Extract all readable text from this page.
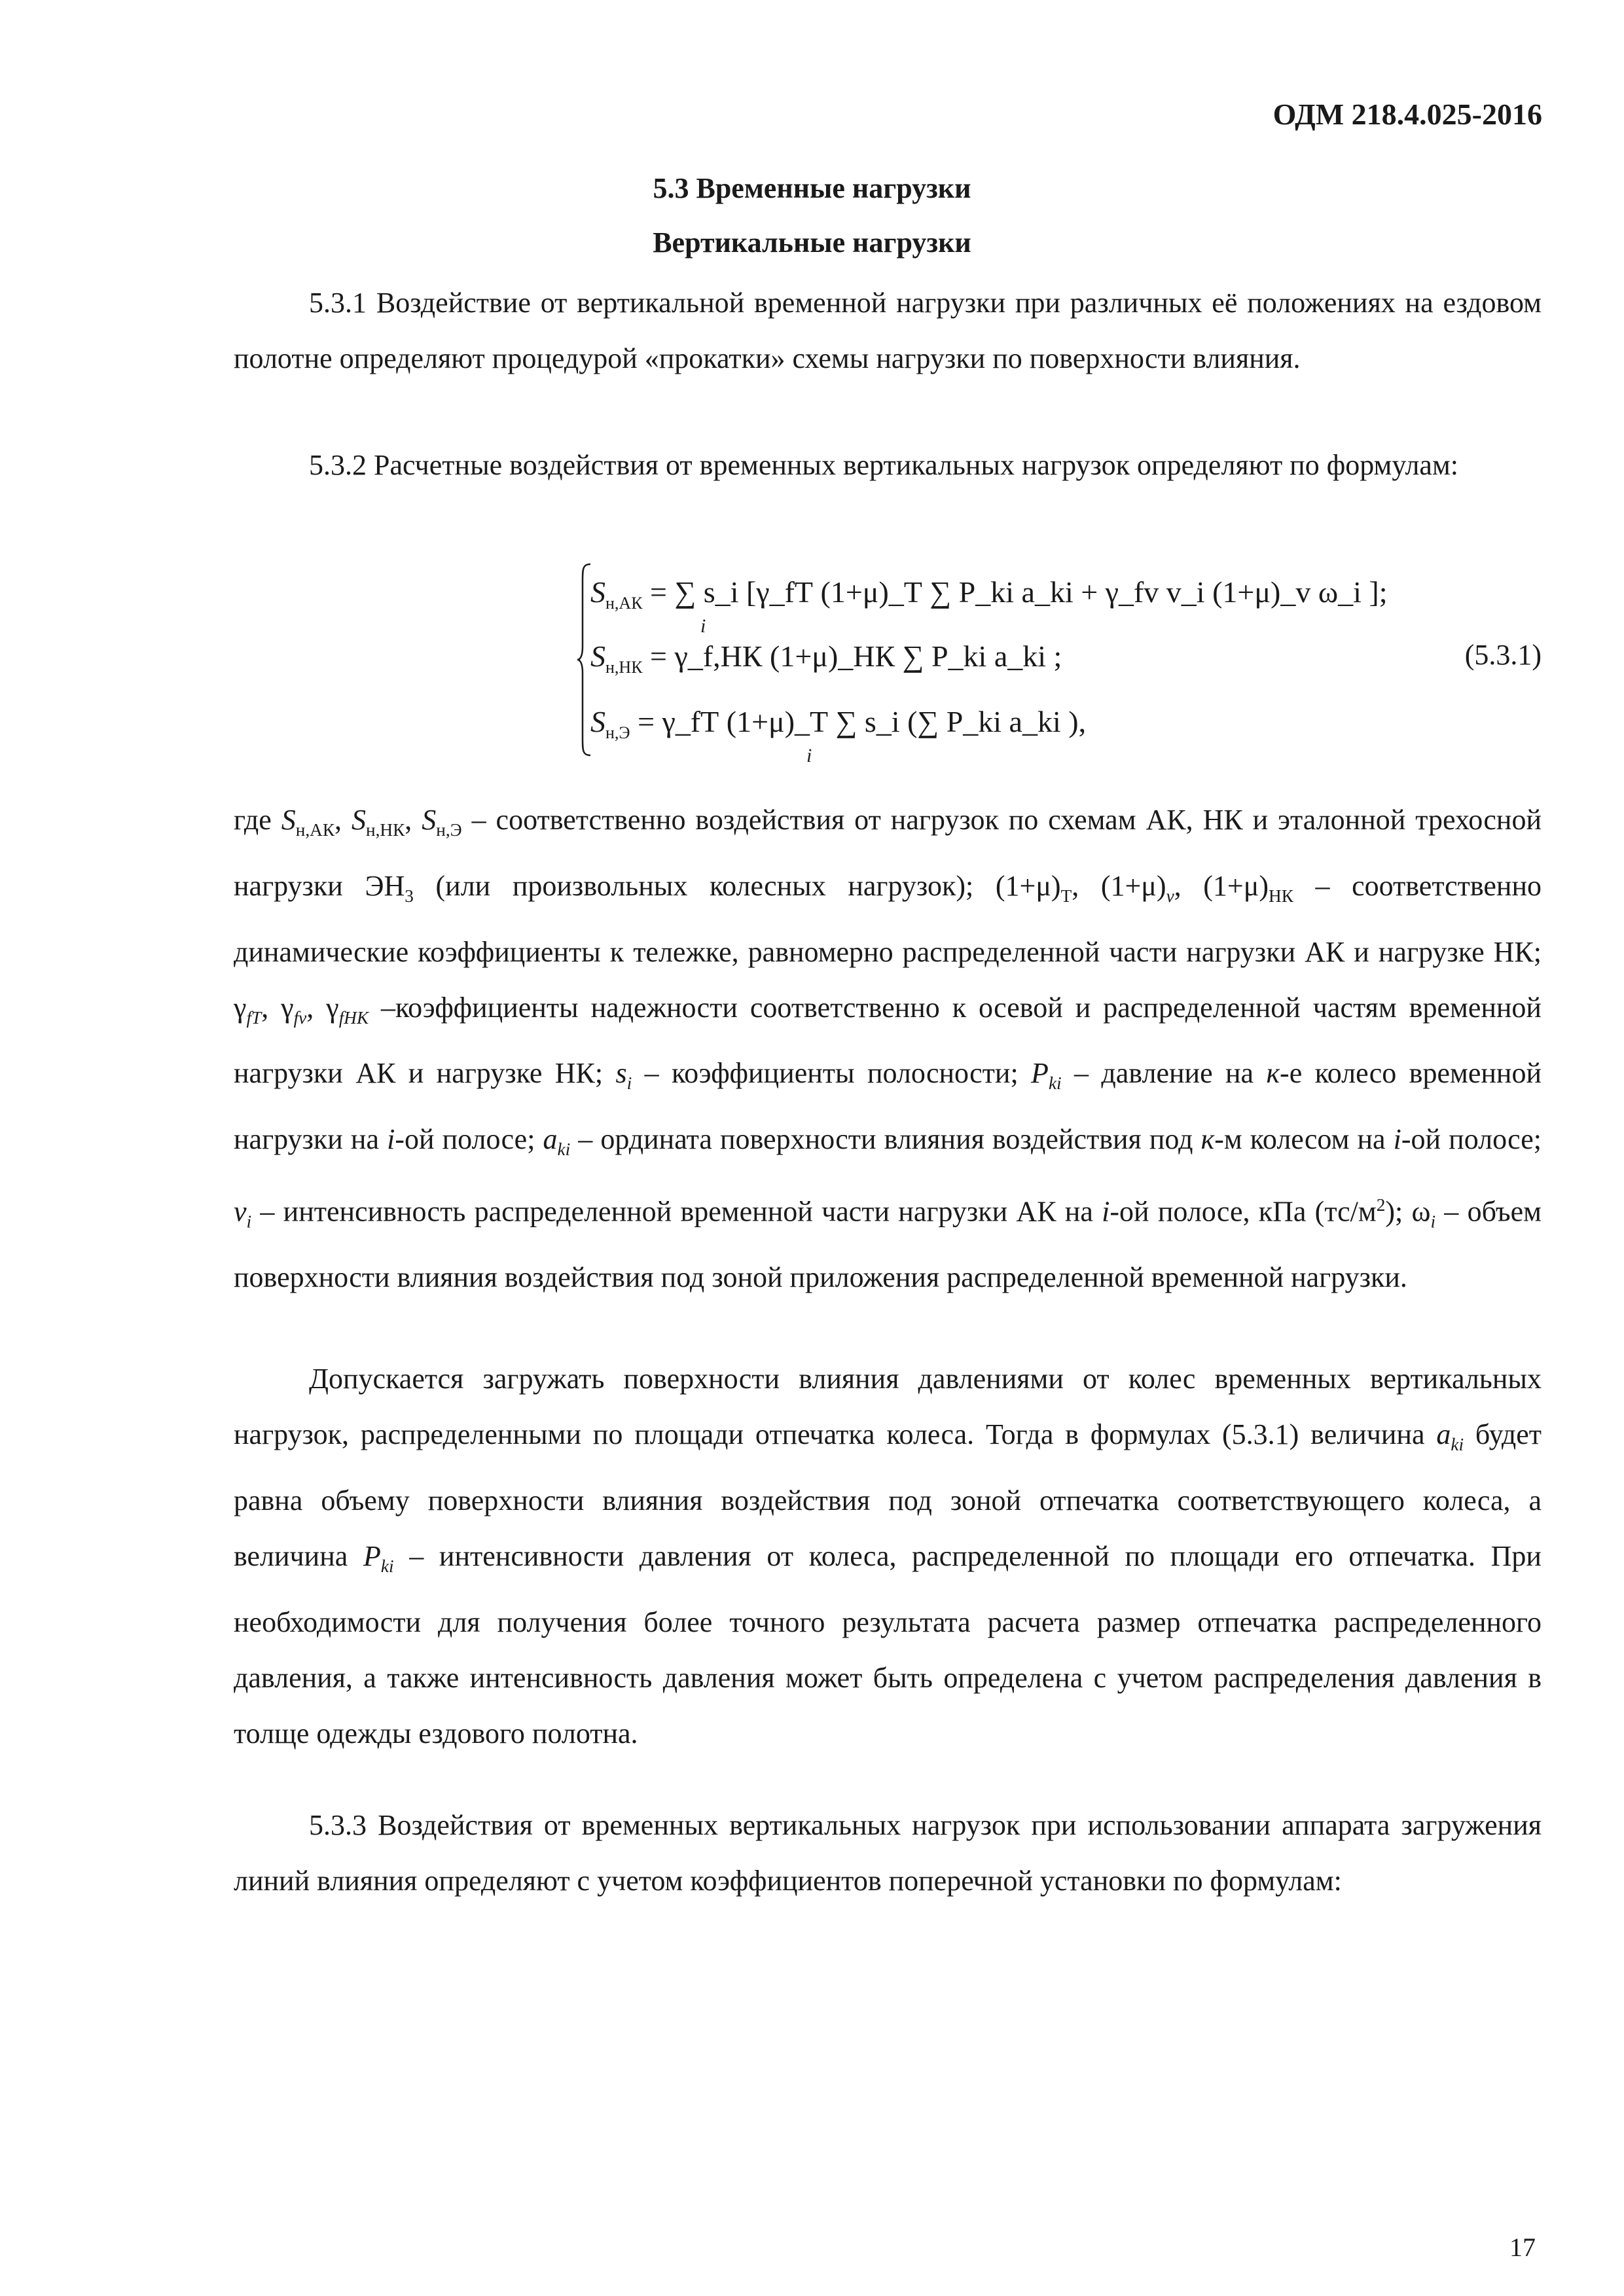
ОДМ 218.4.025-2016
5.3 Временные нагрузки
Вертикальные нагрузки

5.3.1 Воздействие от вертикальной временной нагрузки при различных её положениях на ездовом полотне определяют процедурой «прокатки» схемы нагрузки по поверхности влияния.

5.3.2 Расчетные воздействия от временных вертикальных нагрузок определяют по формулам:

$S_{н,АК}$ = ∑ s_i [γ_fТ (1+μ)_Т ∑ P_ki a_ki + γ_fv v_i (1+μ)_v ω_i ];
$S_{н,НК}$ = γ_f,НК (1+μ)_НК ∑ P_ki a_ki ;
$S_{н,Э}$ = γ_fТ (1+μ)_Т ∑ s_i (∑ P_ki a_ki ),
i
i
(5.3.1)

где $S_{н,АК}$, $S_{н,НК}$, $S_{н,Э}$ – соответственно воздействия от нагрузок по схемам АК, НК и эталонной трехосной нагрузки $ЭН_3$ (или произвольных колесных нагрузок); $(1+\mu)_Т$, $(1+\mu)_v$, $(1+\mu)_{НК}$ – соответственно динамические коэффициенты к тележке, равномерно распределенной части нагрузки АК и нагрузке НК; $\gamma_{fТ}$, $\gamma_{fv}$, $\gamma_{fНК}$ –коэффициенты надежности соответственно к осевой и распределенной частям временной нагрузки АК и нагрузке НК; $s_i$ – коэффициенты полосности; $P_{ki}$ – давление на к-е колесо временной нагрузки на i-ой полосе; $a_{ki}$ – ордината поверхности влияния воздействия под к-м колесом на i-ой полосе; $v_i$ – интенсивность распределенной временной части нагрузки АК на i-ой полосе, кПа $(тс/м^2)$; $\omega_i$ – объем поверхности влияния воздействия под зоной приложения распределенной временной нагрузки.

Допускается загружать поверхности влияния давлениями от колес временных вертикальных нагрузок, распределенными по площади отпечатка колеса. Тогда в формулах (5.3.1) величина $a_{ki}$ будет равна объему поверхности влияния воздействия под зоной отпечатка соответствующего колеса, а величина $P_{ki}$ – интенсивности давления от колеса, распределенной по площади его отпечатка. При необходимости для получения более точного результата расчета размер отпечатка распределенного давления, а также интенсивность давления может быть определена с учетом распределения давления в толще одежды ездового полотна.

5.3.3 Воздействия от временных вертикальных нагрузок при использовании аппарата загружения линий влияния определяют с учетом коэффициентов поперечной установки по формулам:

17
